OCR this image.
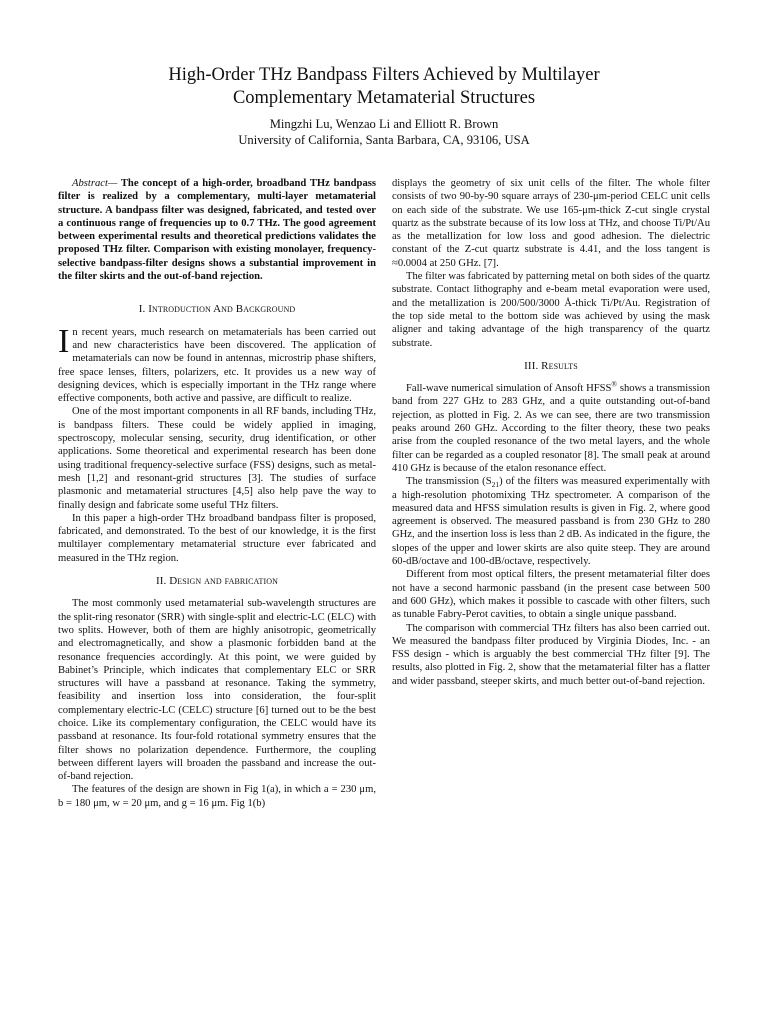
High-Order THz Bandpass Filters Achieved by Multilayer
Complementary Metamaterial Structures
Mingzhi Lu, Wenzao Li and Elliott R. Brown
University of California, Santa Barbara, CA, 93106, USA

Abstract— The concept of a high-order, broadband THz bandpass filter is realized by a complementary, multi-layer metamaterial structure. A bandpass filter was designed, fabricated, and tested over a continuous range of frequencies up to 0.7 THz. The good agreement between experimental results and theoretical predictions validates the proposed THz filter. Comparison with existing monolayer, frequency-selective bandpass-filter designs shows a substantial improvement in the filter skirts and the out-of-band rejection.

I. Introduction And Background

In recent years, much research on metamaterials has been carried out and new characteristics have been discovered. The application of metamaterials can now be found in antennas, microstrip phase shifters, free space lenses, filters, polarizers, etc. It provides us a new way of designing devices, which is especially important in the THz range where effective components, both active and passive, are difficult to realize.

One of the most important components in all RF bands, including THz, is bandpass filters. These could be widely applied in imaging, spectroscopy, molecular sensing, security, drug identification, or other applications. Some theoretical and experimental research has been done using traditional frequency-selective surface (FSS) designs, such as metal-mesh [1,2] and resonant-grid structures [3]. The studies of surface plasmonic and metamaterial structures [4,5] also help pave the way to finally design and fabricate some useful THz filters.

In this paper a high-order THz broadband bandpass filter is proposed, fabricated, and demonstrated. To the best of our knowledge, it is the first multilayer complementary metamaterial structure ever fabricated and measured in the THz region.

II. Design and fabrication

The most commonly used metamaterial sub-wavelength structures are the split-ring resonator (SRR) with single-split and electric-LC (ELC) with two splits. However, both of them are highly anisotropic, geometrically and electromagnetically, and show a plasmonic forbidden band at the resonance frequencies accordingly. At this point, we were guided by Babinet’s Principle, which indicates that complementary ELC or SRR structures will have a passband at resonance. Taking the symmetry, feasibility and insertion loss into consideration, the four-split complementary electric-LC (CELC) structure [6] turned out to be the best choice. Like its complementary configuration, the CELC would have its passband at resonance. Its four-fold rotational symmetry ensures that the filter shows no polarization dependence. Furthermore, the coupling between different layers will broaden the passband and increase the out-of-band rejection.

The features of the design are shown in Fig 1(a), in which a = 230 μm, b = 180 μm, w = 20 μm, and g = 16 μm. Fig 1(b)

displays the geometry of six unit cells of the filter. The whole filter consists of two 90-by-90 square arrays of 230-μm-period CELC unit cells on each side of the substrate. We use 165-μm-thick Z-cut single crystal quartz as the substrate because of its low loss at THz, and choose Ti/Pt/Au as the metallization for low loss and good adhesion. The dielectric constant of the Z-cut quartz substrate is 4.41, and the loss tangent is ≈0.0004 at 250 GHz. [7].

The filter was fabricated by patterning metal on both sides of the quartz substrate. Contact lithography and e-beam metal evaporation were used, and the metallization is 200/500/3000 Å-thick Ti/Pt/Au. Registration of the top side metal to the bottom side was achieved by using the mask aligner and taking advantage of the high transparency of the quartz substrate.

III. Results

Fall-wave numerical simulation of Ansoft HFSS® shows a transmission band from 227 GHz to 283 GHz, and a quite outstanding out-of-band rejection, as plotted in Fig. 2. As we can see, there are two transmission peaks around 260 GHz. According to the filter theory, these two peaks arise from the coupled resonance of the two metal layers, and the whole filter can be regarded as a coupled resonator [8]. The small peak at around 410 GHz is because of the etalon resonance effect.

The transmission $(S_{21})$ of the filters was measured experimentally with a high-resolution photomixing THz spectrometer. A comparison of the measured data and HFSS simulation results is given in Fig. 2, where good agreement is observed. The measured passband is from 230 GHz to 280 GHz, and the insertion loss is less than 2 dB. As indicated in the figure, the slopes of the upper and lower skirts are also quite steep. They are around 60-dB/octave and 100-dB/octave, respectively.

Different from most optical filters, the present metamaterial filter does not have a second harmonic passband (in the present case between 500 and 600 GHz), which makes it possible to cascade with other filters, such as tunable Fabry-Perot cavities, to obtain a single unique passband.

The comparison with commercial THz filters has also been carried out. We measured the bandpass filter produced by Virginia Diodes, Inc. - an FSS design - which is arguably the best commercial THz filter [9]. The results, also plotted in Fig. 2, show that the metamaterial filter has a flatter and wider passband, steeper skirts, and much better out-of-band rejection.
